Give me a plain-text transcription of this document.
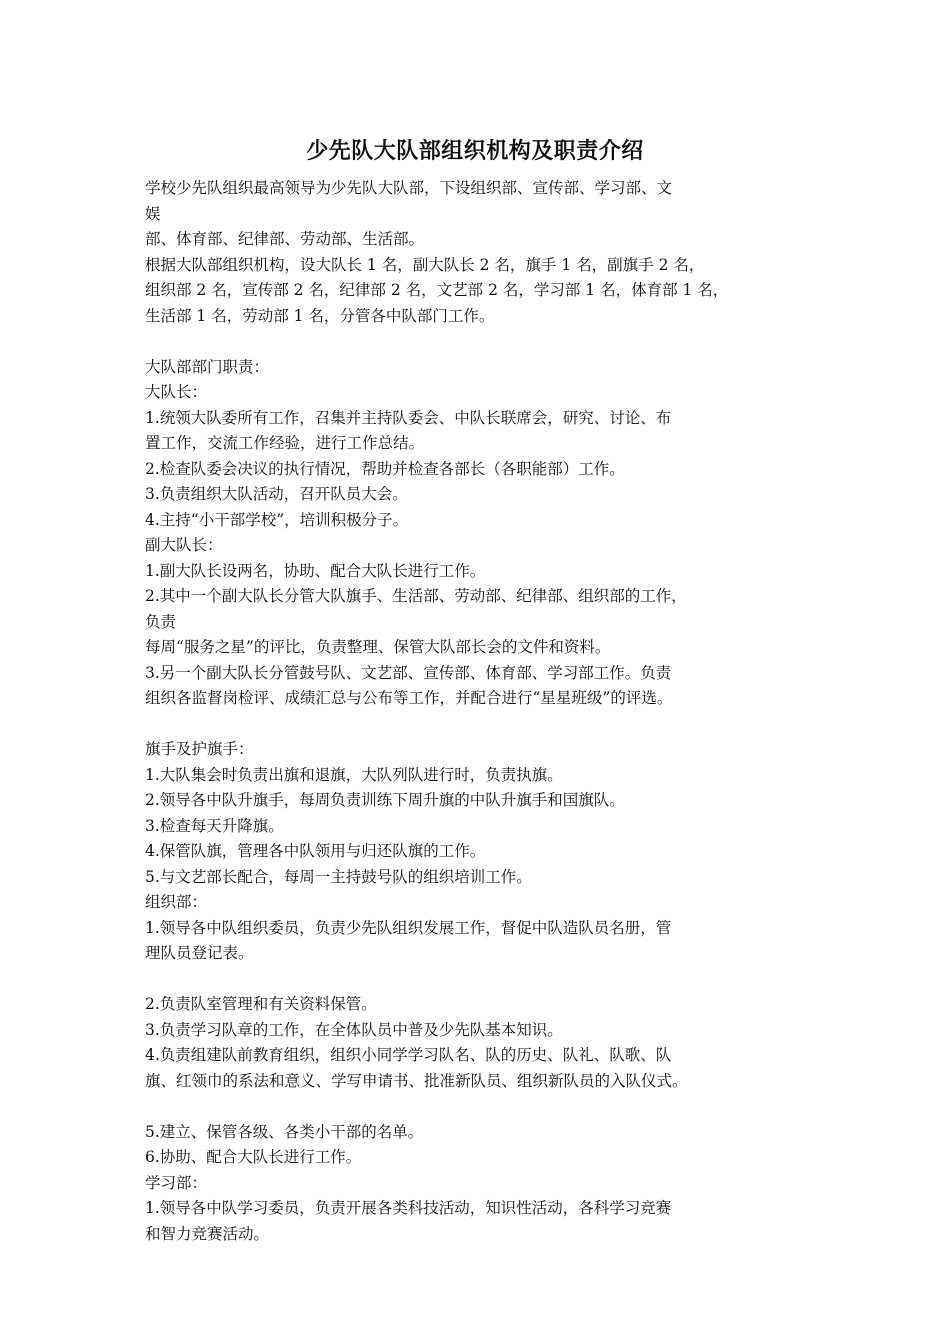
少先队大队部组织机构及职责介绍
学校少先队组织最高领导为少先队大队部，下设组织部、宣传部、学习部、文
娱
部、体育部、纪律部、劳动部、生活部。
根据大队部组织机构，设大队长 1 名，副大队长 2 名，旗手 1 名，副旗手 2 名，
组织部 2 名，宣传部 2 名，纪律部 2 名，文艺部 2 名，学习部 1 名，体育部 1 名，
生活部 1 名，劳动部 1 名，分管各中队部门工作。
大队部部门职责：
大队长：
1.统领大队委所有工作，召集并主持队委会、中队长联席会，研究、讨论、布
置工作，交流工作经验，进行工作总结。
2.检查队委会决议的执行情况，帮助并检查各部长（各职能部）工作。
3.负责组织大队活动，召开队员大会。
4.主持“小干部学校”，培训积极分子。
副大队长：
1.副大队长设两名，协助、配合大队长进行工作。
2.其中一个副大队长分管大队旗手、生活部、劳动部、纪律部、组织部的工作，
负责
每周“服务之星”的评比，负责整理、保管大队部长会的文件和资料。
3.另一个副大队长分管鼓号队、文艺部、宣传部、体育部、学习部工作。负责
组织各监督岗检评、成绩汇总与公布等工作，并配合进行“星星班级”的评选。
旗手及护旗手：
1.大队集会时负责出旗和退旗，大队列队进行时，负责执旗。
2.领导各中队升旗手，每周负责训练下周升旗的中队升旗手和国旗队。
3.检查每天升降旗。
4.保管队旗，管理各中队领用与归还队旗的工作。
5.与文艺部长配合，每周一主持鼓号队的组织培训工作。
组织部：
1.领导各中队组织委员，负责少先队组织发展工作，督促中队造队员名册，管
理队员登记表。
2.负责队室管理和有关资料保管。
3.负责学习队章的工作，在全体队员中普及少先队基本知识。
4.负责组建队前教育组织，组织小同学学习队名、队的历史、队礼、队歌、队
旗、红领巾的系法和意义、学写申请书、批准新队员、组织新队员的入队仪式。
5.建立、保管各级、各类小干部的名单。
6.协助、配合大队长进行工作。
学习部：
1.领导各中队学习委员，负责开展各类科技活动，知识性活动，各科学习竞赛
和智力竞赛活动。
